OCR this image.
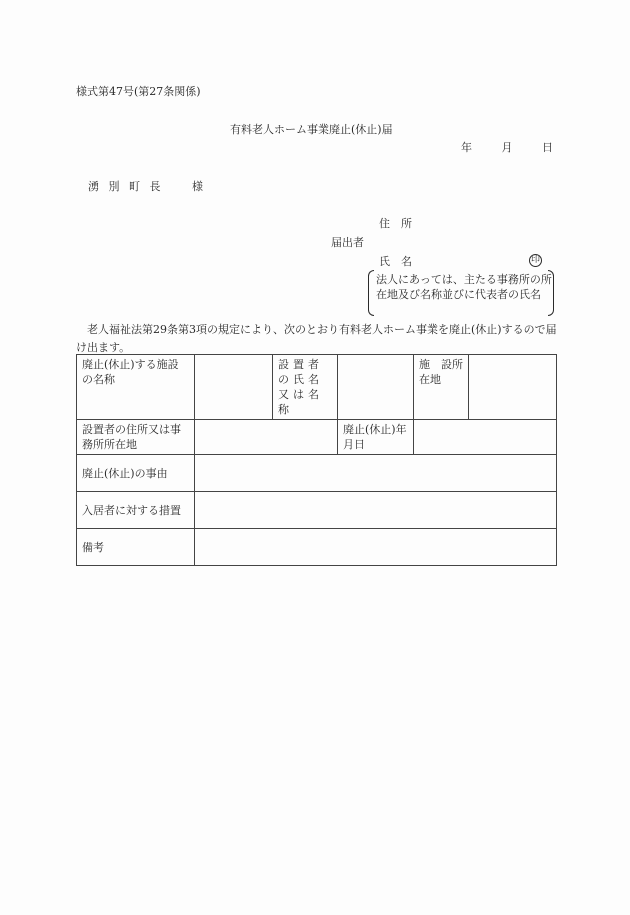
様式第47号(第27条関係)
有料老人ホーム事業廃止(休止)届
年	月	日
湧 別 町 長	様
住 所
届出者
氏 名	印
法人にあっては、主たる事務所の所在地及び名称並びに代表者の氏名
老人福祉法第29条第3項の規定により、次のとおり有料老人ホーム事業を廃止(休止)するので届け出ます。
廃止(休止)する施設の名称		設置者の氏名又は名称		施　設所在地	
設置者の住所又は事務所所在地			廃止(休止)年月日		
廃止(休止)の事由					
入居者に対する措置					
備考					
